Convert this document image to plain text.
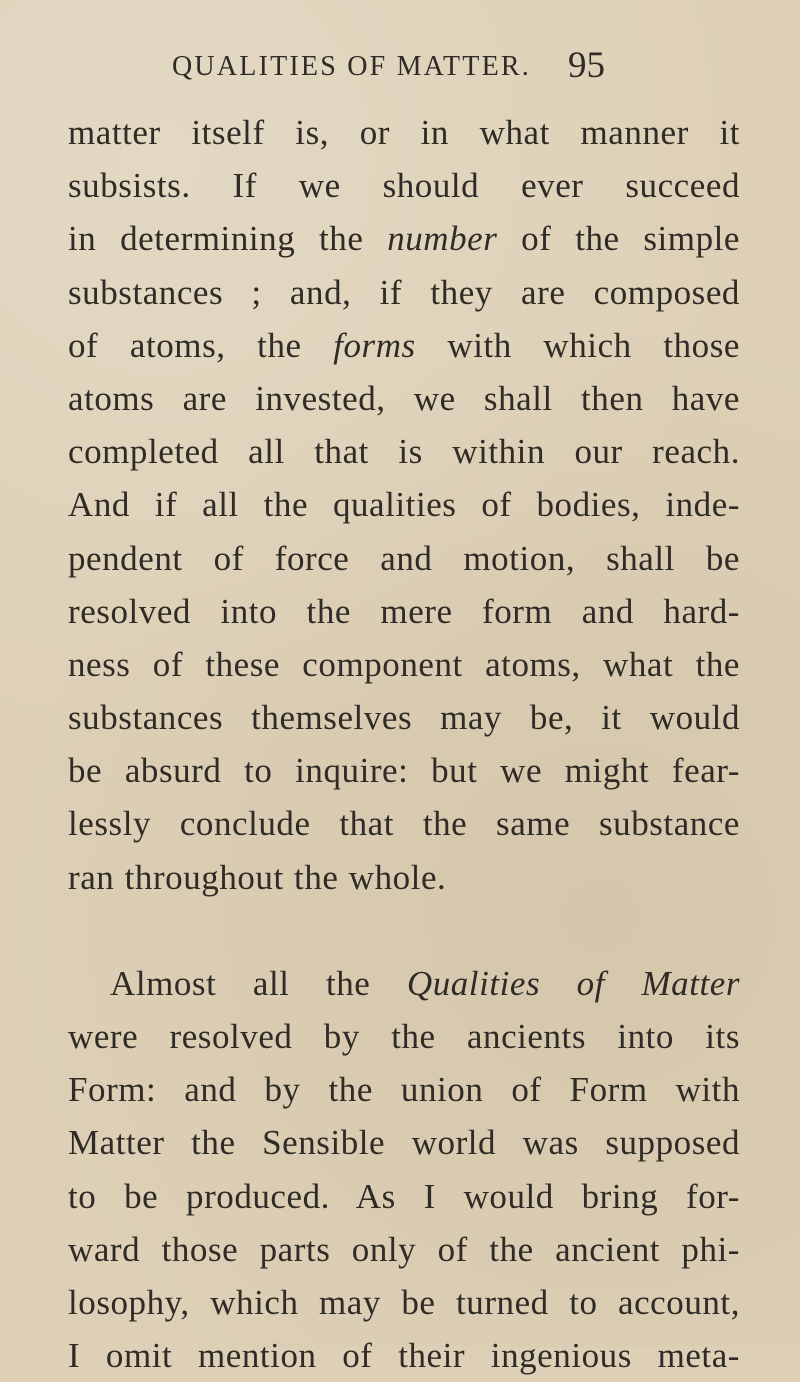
QUALITIES OF MATTER. 95
matter itself is, or in what manner it
subsists. If we should ever succeed
in determining the number of the simple
substances ; and, if they are composed
of atoms, the forms with which those
atoms are invested, we shall then have
completed all that is within our reach.
And if all the qualities of bodies, inde-
pendent of force and motion, shall be
resolved into the mere form and hard-
ness of these component atoms, what the
substances themselves may be, it would
be absurd to inquire: but we might fear-
lessly conclude that the same substance
ran throughout the whole.
Almost all the Qualities of Matter
were resolved by the ancients into its
Form: and by the union of Form with
Matter the Sensible world was supposed
to be produced. As I would bring for-
ward those parts only of the ancient phi-
losophy, which may be turned to account,
I omit mention of their ingenious meta-
